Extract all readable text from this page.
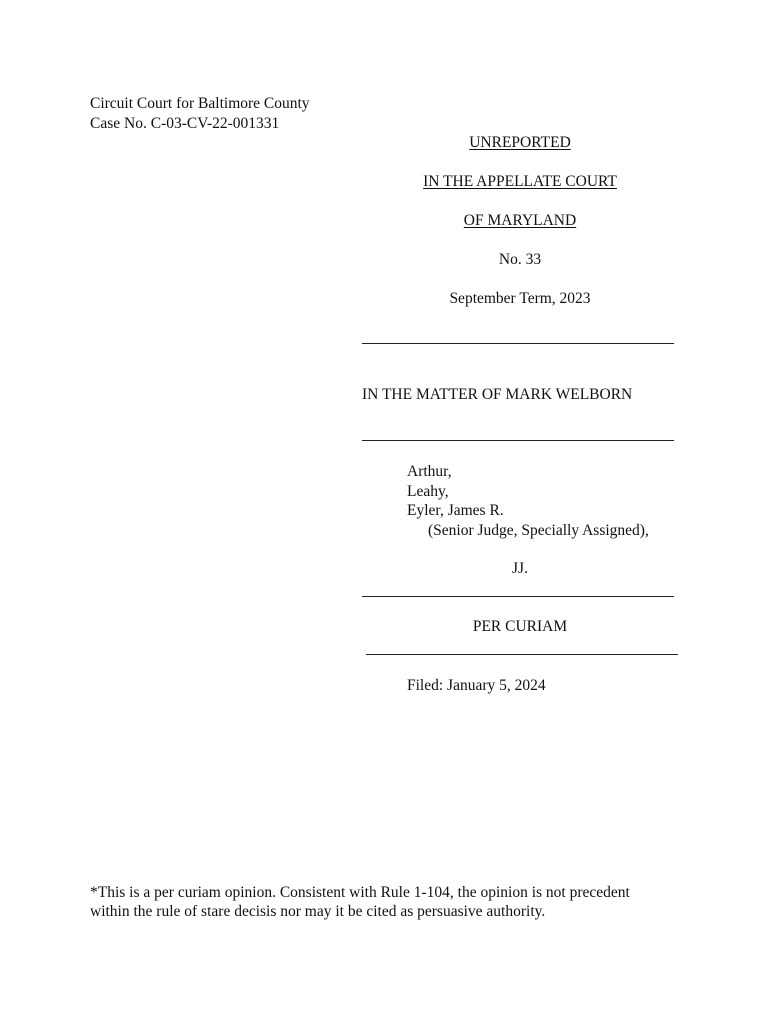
Circuit Court for Baltimore County
Case No. C-03-CV-22-001331
UNREPORTED
IN THE APPELLATE COURT
OF MARYLAND
No. 33
September Term, 2023
IN THE MATTER OF MARK WELBORN
Arthur,
Leahy,
Eyler, James R.
(Senior Judge, Specially Assigned),
JJ.
PER CURIAM
Filed: January 5, 2024
*This is a per curiam opinion. Consistent with Rule 1-104, the opinion is not precedent
within the rule of stare decisis nor may it be cited as persuasive authority.
